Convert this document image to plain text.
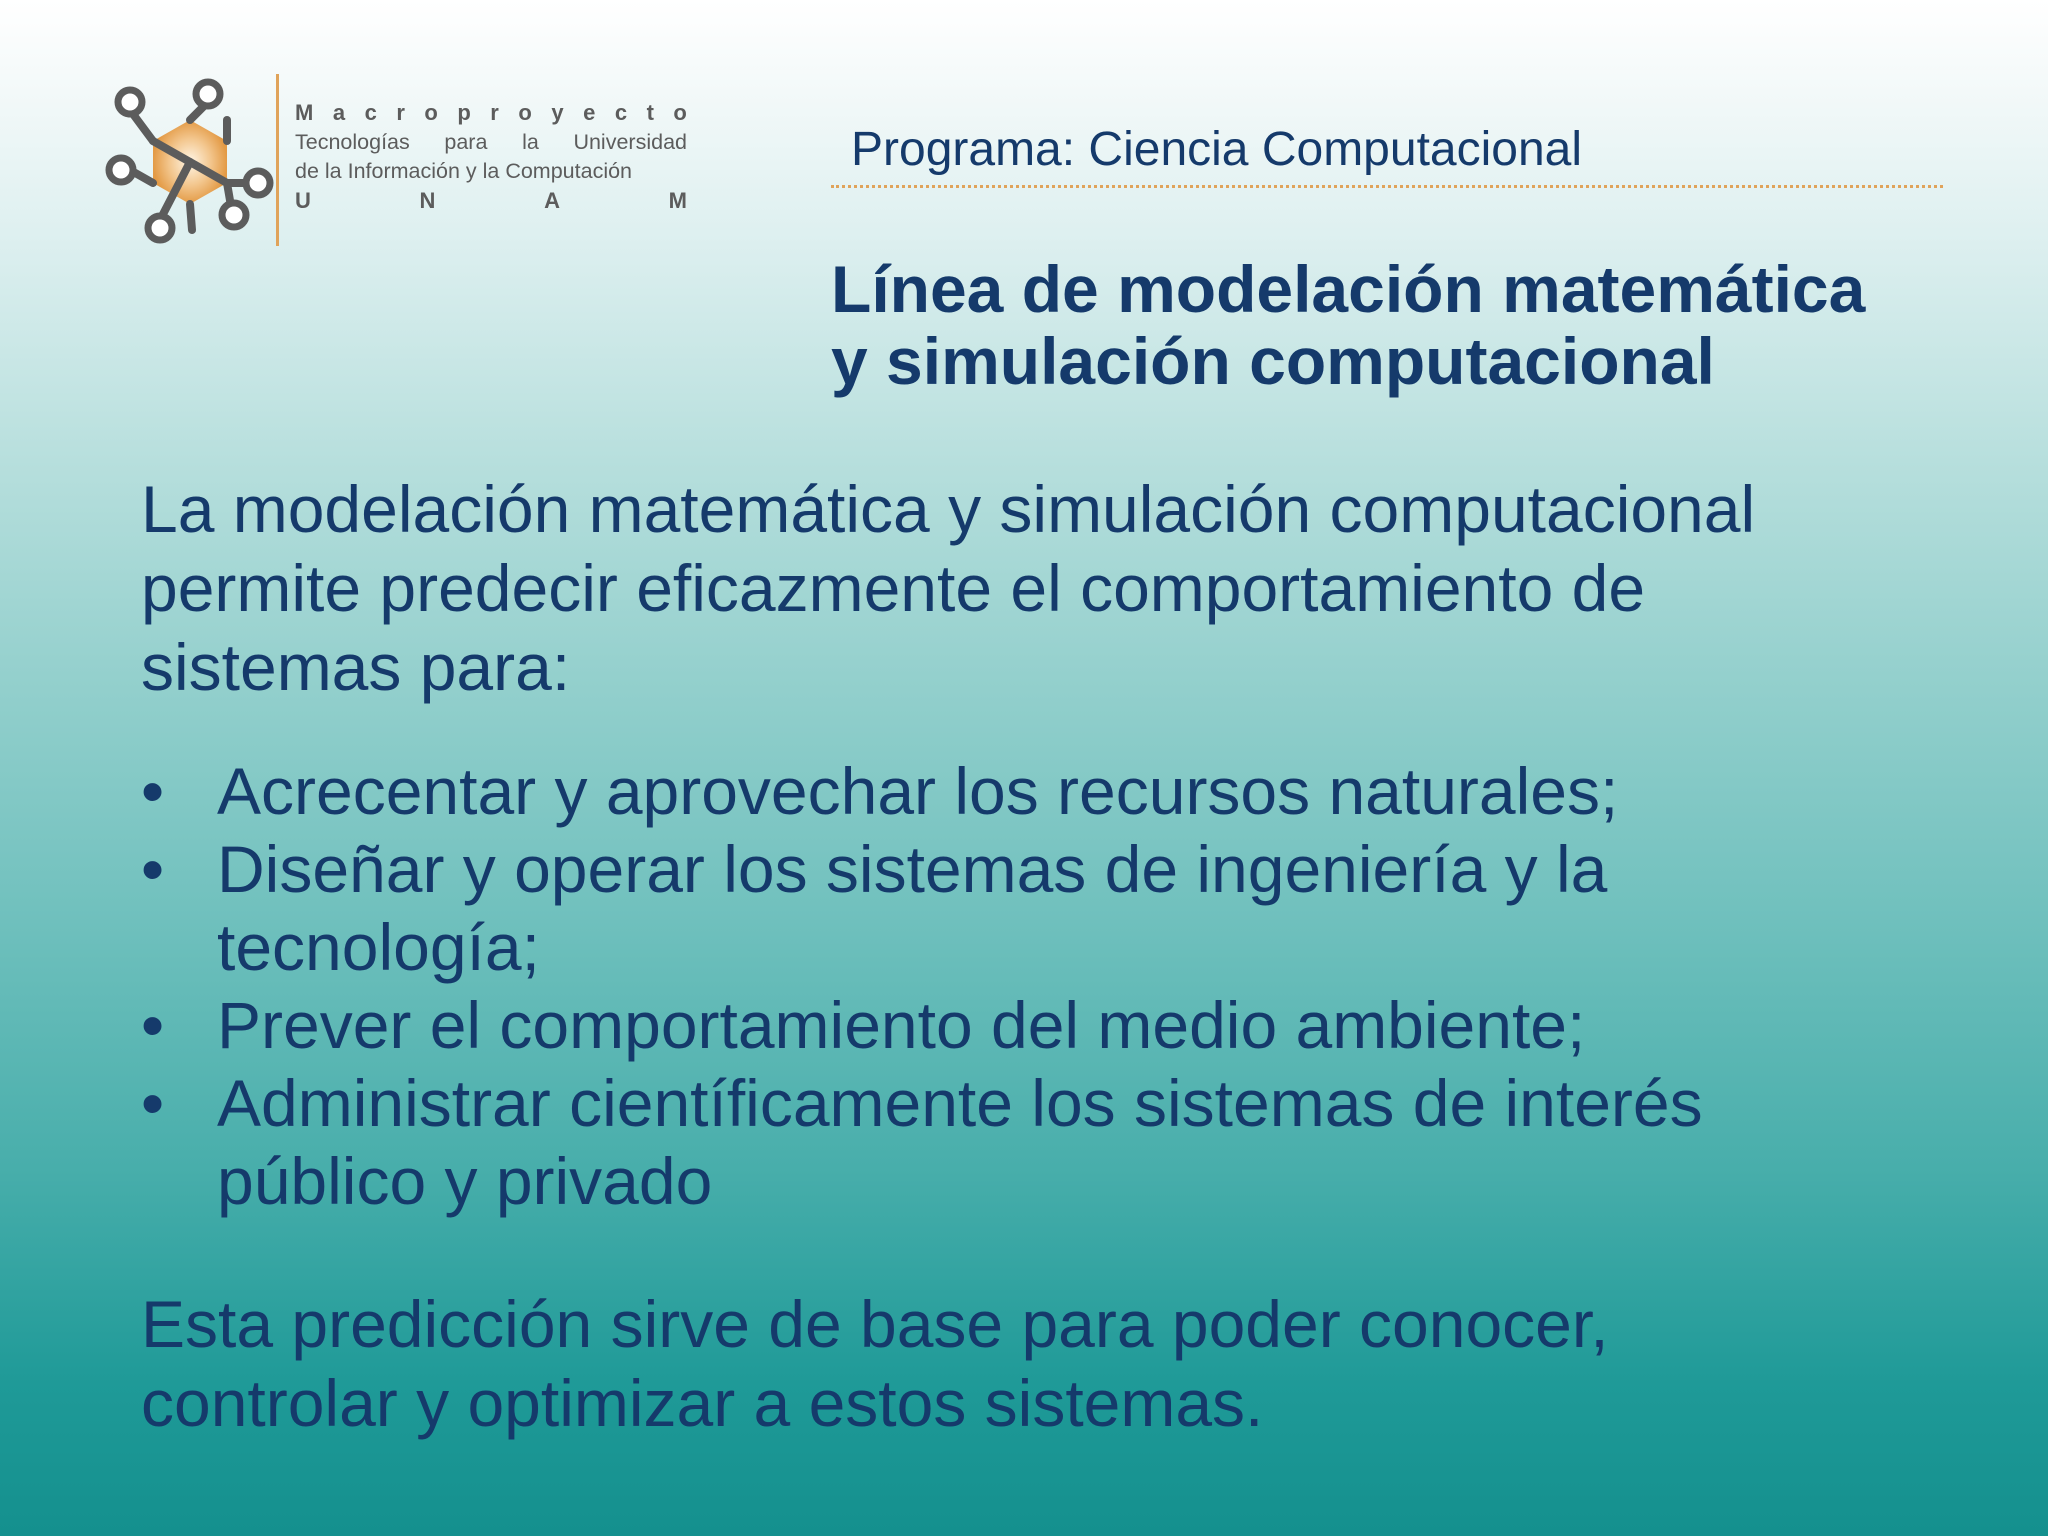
M a c r o p r o y e c t o
Tecnologías para la Universidad
de la Información y la Computación
U	N	A	M
Programa: Ciencia Computacional
Línea de modelación matemática
y simulación computacional
La modelación matemática y simulación computacional
permite predecir eficazmente el comportamiento de
sistemas para:
• Acrecentar y aprovechar los recursos naturales;
• Diseñar y operar los sistemas de ingeniería y la
tecnología;
• Prever el comportamiento del medio ambiente;
• Administrar científicamente los sistemas de interés
público y privado
Esta predicción sirve de base para poder conocer,
controlar y optimizar a estos sistemas.
